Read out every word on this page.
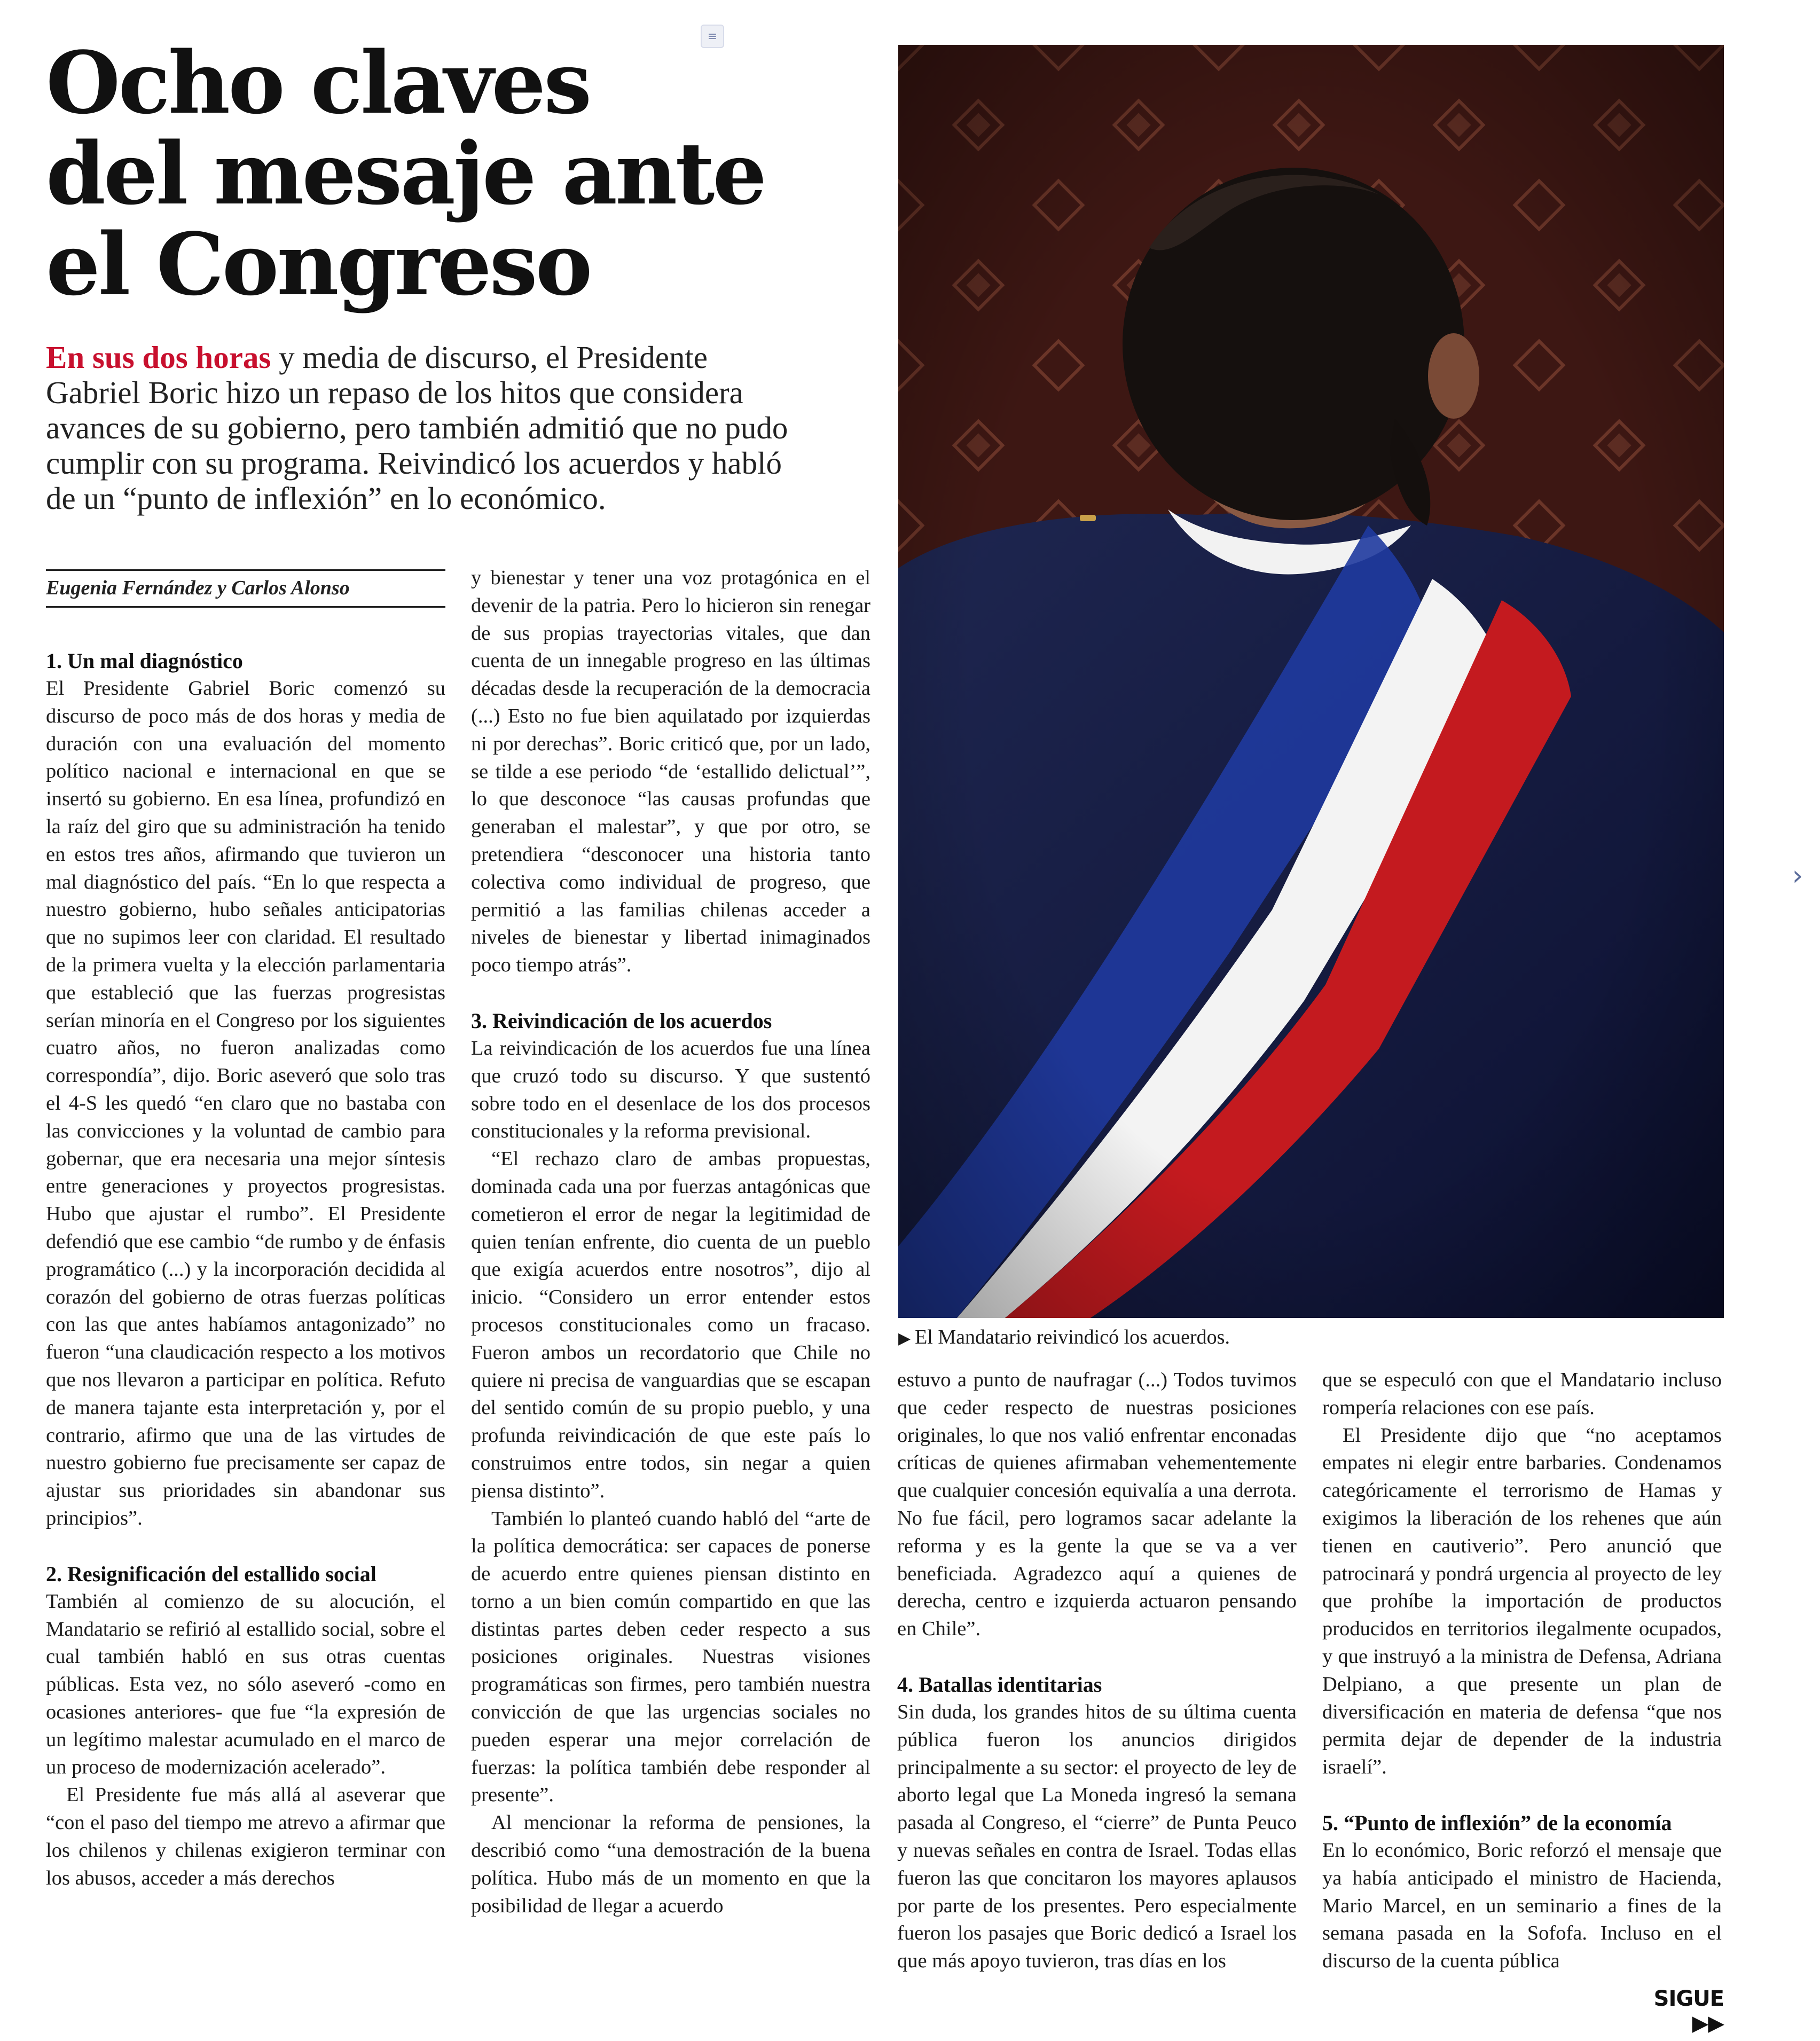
≡
Ocho claves
del mesaje ante
el Congreso

En sus dos horas y media de discurso, el Presidente Gabriel Boric hizo un repaso de los hitos que considera avances de su gobierno, pero también admitió que no pudo cumplir con su programa. Reivindicó los acuerdos y habló de un “punto de inflexión” en lo económico.

Eugenia Fernández y Carlos Alonso
1. Un mal diagnóstico

El Presidente Gabriel Boric comenzó su discurso de poco más de dos horas y media de duración con una evaluación del momento político nacional e internacional en que se insertó su gobierno. En esa línea, profundizó en la raíz del giro que su administración ha tenido en estos tres años, afirmando que tuvieron un mal diagnóstico del país. “En lo que respecta a nuestro gobierno, hubo señales anticipatorias que no supimos leer con claridad. El resultado de la primera vuelta y la elección parlamentaria que estableció que las fuerzas progresistas serían minoría en el Congreso por los siguientes cuatro años, no fueron analizadas como correspondía”, dijo. Boric aseveró que solo tras el 4-S les quedó “en claro que no bastaba con las convicciones y la voluntad de cambio para gobernar, que era necesaria una mejor síntesis entre generaciones y proyectos progresistas. Hubo que ajustar el rumbo”. El Presidente defendió que ese cambio “de rumbo y de énfasis programático (...) y la incorporación decidida al corazón del gobierno de otras fuerzas políticas con las que antes habíamos antagonizado” no fueron “una claudicación respecto a los motivos que nos llevaron a participar en política. Refuto de manera tajante esta interpretación y, por el contrario, afirmo que una de las virtudes de nuestro gobierno fue precisamente ser capaz de ajustar sus prioridades sin abandonar sus principios”.

2. Resignificación del estallido social

También al comienzo de su alocución, el Mandatario se refirió al estallido social, sobre el cual también habló en sus otras cuentas públicas. Esta vez, no sólo aseveró -como en ocasiones anteriores- que fue “la expresión de un legítimo malestar acumulado en el marco de un proceso de modernización acelerado”.

El Presidente fue más allá al aseverar que “con el paso del tiempo me atrevo a afirmar que los chilenos y chilenas exigieron terminar con los abusos, acceder a más derechos

y bienestar y tener una voz protagónica en el devenir de la patria. Pero lo hicieron sin renegar de sus propias trayectorias vitales, que dan cuenta de un innegable progreso en las últimas décadas desde la recuperación de la democracia (...) Esto no fue bien aquilatado por izquierdas ni por derechas”. Boric criticó que, por un lado, se tilde a ese periodo “de ‘estallido delictual’”, lo que desconoce “las causas profundas que generaban el malestar”, y que por otro, se pretendiera “desconocer una historia tanto colectiva como individual de progreso, que permitió a las familias chilenas acceder a niveles de bienestar y libertad inimaginados poco tiempo atrás”.

3. Reivindicación de los acuerdos

La reivindicación de los acuerdos fue una línea que cruzó todo su discurso. Y que sustentó sobre todo en el desenlace de los dos procesos constitucionales y la reforma previsional.

“El rechazo claro de ambas propuestas, dominada cada una por fuerzas antagónicas que cometieron el error de negar la legitimidad de quien tenían enfrente, dio cuenta de un pueblo que exigía acuerdos entre nosotros”, dijo al inicio. “Considero un error entender estos procesos constitucionales como un fracaso. Fueron ambos un recordatorio que Chile no quiere ni precisa de vanguardias que se escapan del sentido común de su propio pueblo, y una profunda reivindicación de que este país lo construimos entre todos, sin negar a quien piensa distinto”.

También lo planteó cuando habló del “arte de la política democrática: ser capaces de ponerse de acuerdo entre quienes piensan distinto en torno a un bien común compartido en que las distintas partes deben ceder respecto a sus posiciones originales. Nuestras visiones programáticas son firmes, pero también nuestra convicción de que las urgencias sociales no pueden esperar una mejor correlación de fuerzas: la política también debe responder al presente”.

Al mencionar la reforma de pensiones, la describió como “una demostración de la buena política. Hubo más de un momento en que la posibilidad de llegar a acuerdo

▶ El Mandatario reivindicó los acuerdos.
›

estuvo a punto de naufragar (...) Todos tuvimos que ceder respecto de nuestras posiciones originales, lo que nos valió enfrentar enconadas críticas de quienes afirmaban vehementemente que cualquier concesión equivalía a una derrota. No fue fácil, pero logramos sacar adelante la reforma y es la gente la que se va a ver beneficiada. Agradezco aquí a quienes de derecha, centro e izquierda actuaron pensando en Chile”.

4. Batallas identitarias

Sin duda, los grandes hitos de su última cuenta pública fueron los anuncios dirigidos principalmente a su sector: el proyecto de ley de aborto legal que La Moneda ingresó la semana pasada al Congreso, el “cierre” de Punta Peuco y nuevas señales en contra de Israel. Todas ellas fueron las que concitaron los mayores aplausos por parte de los presentes. Pero especialmente fueron los pasajes que Boric dedicó a Israel los que más apoyo tuvieron, tras días en los

que se especuló con que el Mandatario incluso rompería relaciones con ese país.

El Presidente dijo que “no aceptamos empates ni elegir entre barbaries. Condenamos categóricamente el terrorismo de Hamas y exigimos la liberación de los rehenes que aún tienen en cautiverio”. Pero anunció que patrocinará y pondrá urgencia al proyecto de ley que prohíbe la importación de productos producidos en territorios ilegalmente ocupados, y que instruyó a la ministra de Defensa, Adriana Delpiano, a que presente un plan de diversificación en materia de defensa “que nos permita dejar de depender de la industria israelí”.

5. “Punto de inflexión” de la economía

En lo económico, Boric reforzó el mensaje que ya había anticipado el ministro de Hacienda, Mario Marcel, en un seminario a fines de la semana pasada en la Sofofa. Incluso en el discurso de la cuenta pública

SIGUE ▶▶
